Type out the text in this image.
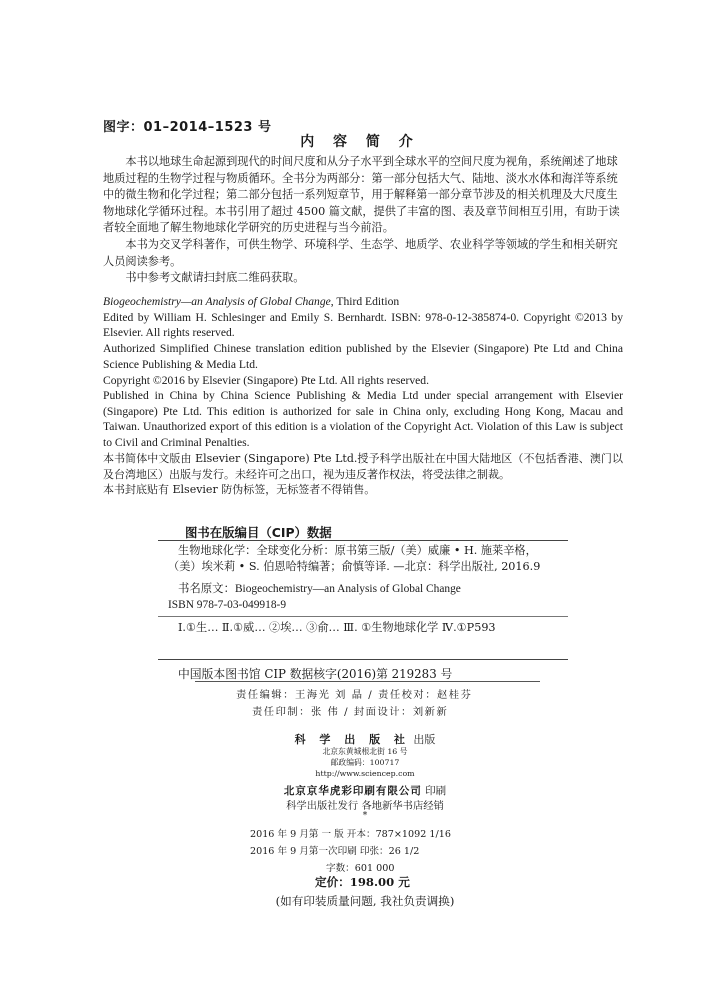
图字：01–2014–1523 号
内 容 简 介

本书以地球生命起源到现代的时间尺度和从分子水平到全球水平的空间尺度为视角，系统阐述了地球地质过程的生物学过程与物质循环。全书分为两部分：第一部分包括大气、陆地、淡水水体和海洋等系统中的微生物和化学过程；第二部分包括一系列短章节，用于解释第一部分章节涉及的相关机理及大尺度生物地球化学循环过程。本书引用了超过 4500 篇文献，提供了丰富的图、表及章节间相互引用，有助于读者较全面地了解生物地球化学研究的历史进程与当今前沿。

本书为交叉学科著作，可供生物学、环境科学、生态学、地质学、农业科学等领域的学生和相关研究人员阅读参考。

书中参考文献请扫封底二维码获取。

Biogeochemistry—an Analysis of Global Change, Third Edition
Edited by William H. Schlesinger and Emily S. Bernhardt. ISBN: 978-0-12-385874-0. Copyright ©2013 by Elsevier. All rights reserved.
Authorized Simplified Chinese translation edition published by the Elsevier (Singapore) Pte Ltd and China Science Publishing & Media Ltd.
Copyright ©2016 by Elsevier (Singapore) Pte Ltd. All rights reserved.
Published in China by China Science Publishing & Media Ltd under special arrangement with Elsevier (Singapore) Pte Ltd. This edition is authorized for sale in China only, excluding Hong Kong, Macau and Taiwan. Unauthorized export of this edition is a violation of the Copyright Act. Violation of this Law is subject to Civil and Criminal Penalties.
本书简体中文版由 Elsevier (Singapore) Pte Ltd.授予科学出版社在中国大陆地区（不包括香港、澳门以及台湾地区）出版与发行。未经许可之出口，视为违反著作权法，将受法律之制裁。
本书封底贴有 Elsevier 防伪标签，无标签者不得销售。
图书在版编目（CIP）数据

生物地球化学：全球变化分析：原书第三版/（美）威廉 • H. 施莱辛格，

（美）埃米莉 • S. 伯恩哈特编著；俞慎等译. —北京：科学出版社, 2016.9

书名原文：Biogeochemistry—an Analysis of Global Change

ISBN 978-7-03-049918-9

Ⅰ.①生… Ⅱ.①威… ②埃… ③俞… Ⅲ. ①生物地球化学 Ⅳ.①P593

中国版本图书馆 CIP 数据核字(2016)第 219283 号
责任编辑：王海光 刘 晶 / 责任校对：赵桂芬
责任印制：张 伟 / 封面设计：刘新新
科 学 出 版 社 出版
北京东黄城根北街 16 号
邮政编码：100717
http://www.sciencep.com
北京京华虎彩印刷有限公司 印刷
科学出版社发行 各地新华书店经销
*
2016 年 9 月第 一 版 开本：787×1092 1/16
2016 年 9 月第一次印刷 印张：26 1/2
字数：601 000
定价：198.00 元
(如有印装质量问题, 我社负责调换)
